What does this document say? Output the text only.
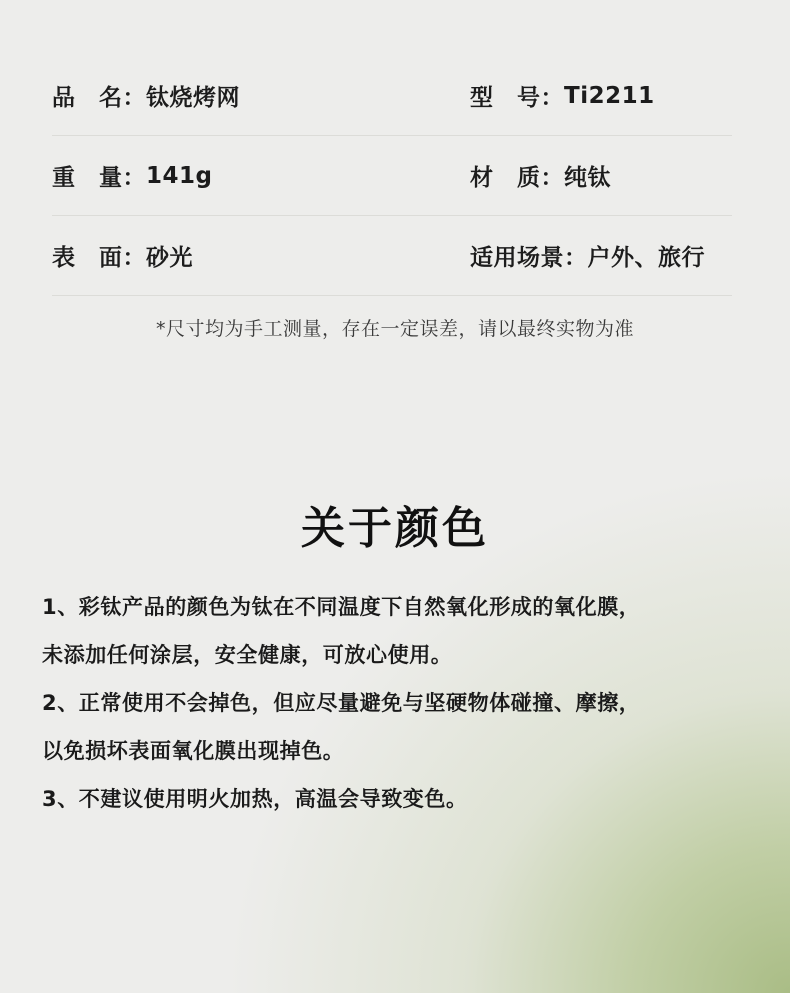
品　名： 钛烧烤网	型　号： Ti2211
重　量： 141g	材　质： 纯钛
表　面： 砂光	适用场景： 户外、旅行
*尺寸均为手工测量，存在一定误差，请以最终实物为准
关于颜色
1、彩钛产品的颜色为钛在不同温度下自然氧化形成的氧化膜，
未添加任何涂层，安全健康，可放心使用。
2、正常使用不会掉色，但应尽量避免与坚硬物体碰撞、摩擦，
以免损坏表面氧化膜出现掉色。
3、不建议使用明火加热，高温会导致变色。
